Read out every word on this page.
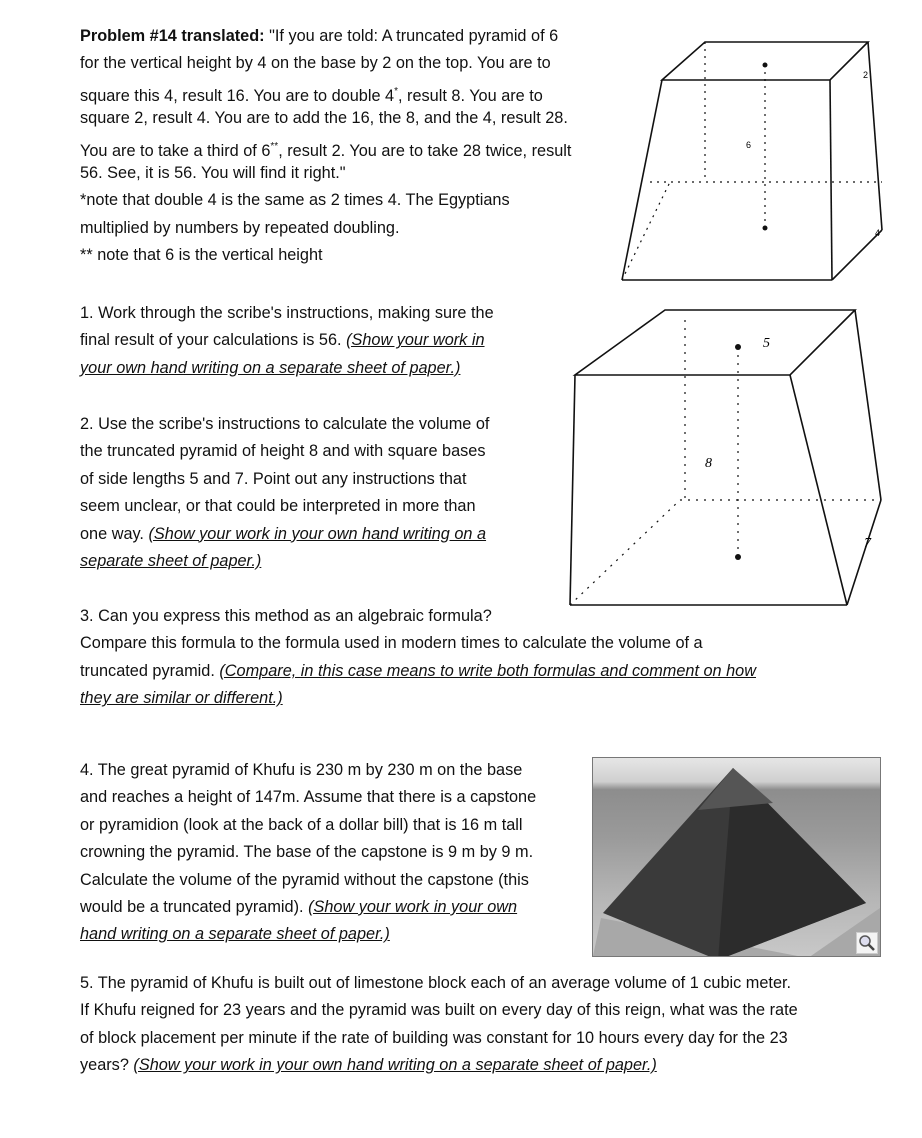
Problem #14 translated: "If you are told: A truncated pyramid of 6
for the vertical height by 4 on the base by 2 on the top. You are to
square this 4, result 16. You are to double 4*, result 8. You are to
square 2, result 4. You are to add the 16, the 8, and the 4, result 28.
You are to take a third of 6**, result 2. You are to take 28 twice, result
56. See, it is 56. You will find it right."
*note that double 4 is the same as 2 times 4. The Egyptians
multiplied by numbers by repeated doubling.
** note that 6 is the vertical height
1. Work through the scribe's instructions, making sure the
final result of your calculations is 56. (Show your work in
your own hand writing on a separate sheet of paper.)
2. Use the scribe's instructions to calculate the volume of
the truncated pyramid of height 8 and with square bases
of side lengths 5 and 7. Point out any instructions that
seem unclear, or that could be interpreted in more than
one way. (Show your work in your own hand writing on a
separate sheet of paper.)
3. Can you express this method as an algebraic formula?
Compare this formula to the formula used in modern times to calculate the volume of a
truncated pyramid. (Compare, in this case means to write both formulas and comment on how
they are similar or different.)
4. The great pyramid of Khufu is 230 m by 230 m on the base
and reaches a height of 147m. Assume that there is a capstone
or pyramidion (look at the back of a dollar bill) that is 16 m tall
crowning the pyramid. The base of the capstone is 9 m by 9 m.
Calculate the volume of the pyramid without the capstone (this
would be a truncated pyramid). (Show your work in your own
hand writing on a separate sheet of paper.)
5. The pyramid of Khufu is built out of limestone block each of an average volume of 1 cubic meter.
If Khufu reigned for 23 years and the pyramid was built on every day of this reign, what was the rate
of block placement per minute if the rate of building was constant for 10 hours every day for the 23
years? (Show your work in your own hand writing on a separate sheet of paper.)
2
6
4
5
8
7
